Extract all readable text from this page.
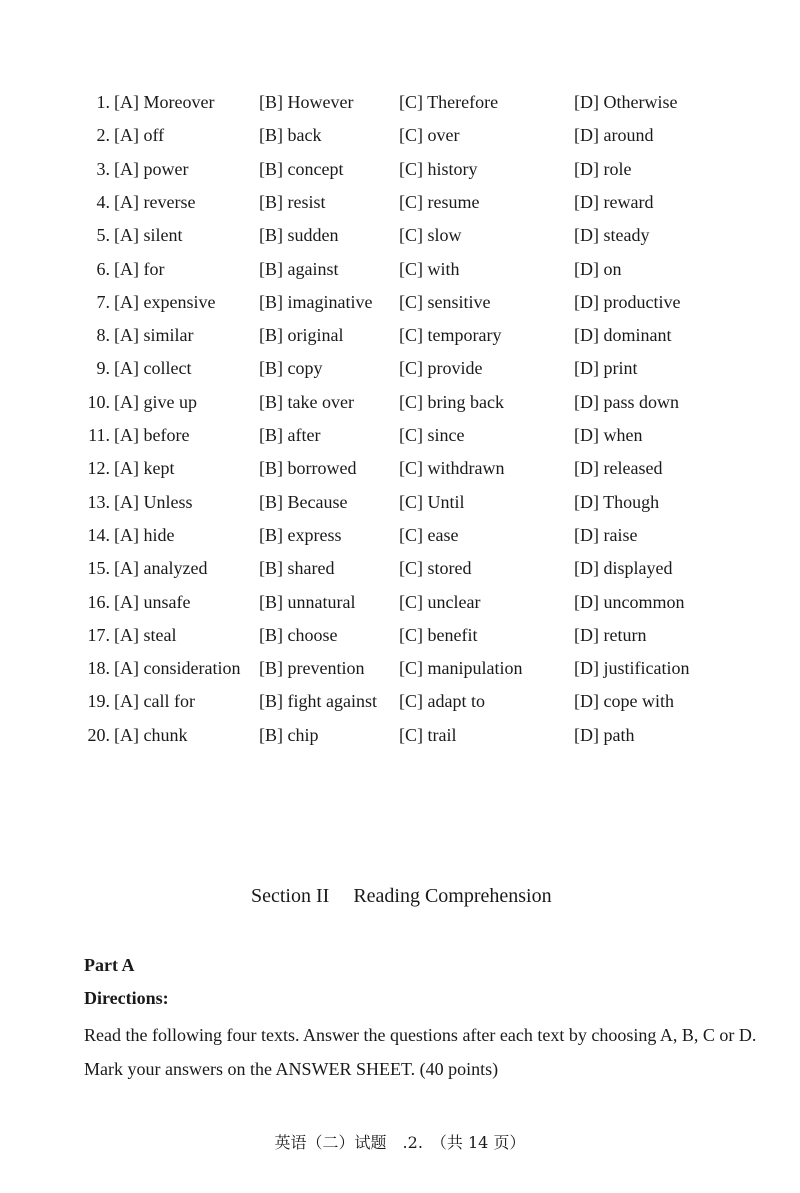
1. [A] Moreover [B] However	[C] Therefore	[D] Otherwise
2. [A] off	[B] back	[C] over	[D] around
3. [A] power	[B] concept	[C] history	[D] role
4. [A] reverse	[B] resist	[C] resume	[D] reward
5. [A] silent	[B] sudden	[C] slow	[D] steady
6. [A] for	[B] against	[C] with	[D] on
7. [A] expensive [B] imaginative [C] sensitive	[D] productive
8. [A] similar	[B] original	[C] temporary	[D] dominant
9. [A] collect	[B] copy	[C] provide	[D] print
10. [A] give up	[B] take over	[C] bring back	[D] pass down
11. [A] before	[B] after	[C] since	[D] when
12. [A] kept	[B] borrowed [C] withdrawn	[D] released
13. [A] Unless	[B] Because	[C] Until	[D] Though
14. [A] hide	[B] express	[C] ease	[D] raise
15. [A] analyzed	[B] shared	[C] stored	[D] displayed
16. [A] unsafe	[B] unnatural [C] unclear	[D] uncommon
17. [A] steal	[B] choose	[C] benefit	[D] return
18. [A] consideration [B] prevention [C] manipulation	[D] justification
19. [A] call for	[B] fight against [C] adapt to	[D] cope with
20. [A] chunk	[B] chip	[C] trail	[D] path
Section II Reading Comprehension
Part A
Directions:
Read the following four texts. Answer the questions after each text by choosing A, B, C or D. Mark your answers on the ANSWER SHEET. (40 points)
英语（二）试题　.2.　（共 14 页）
